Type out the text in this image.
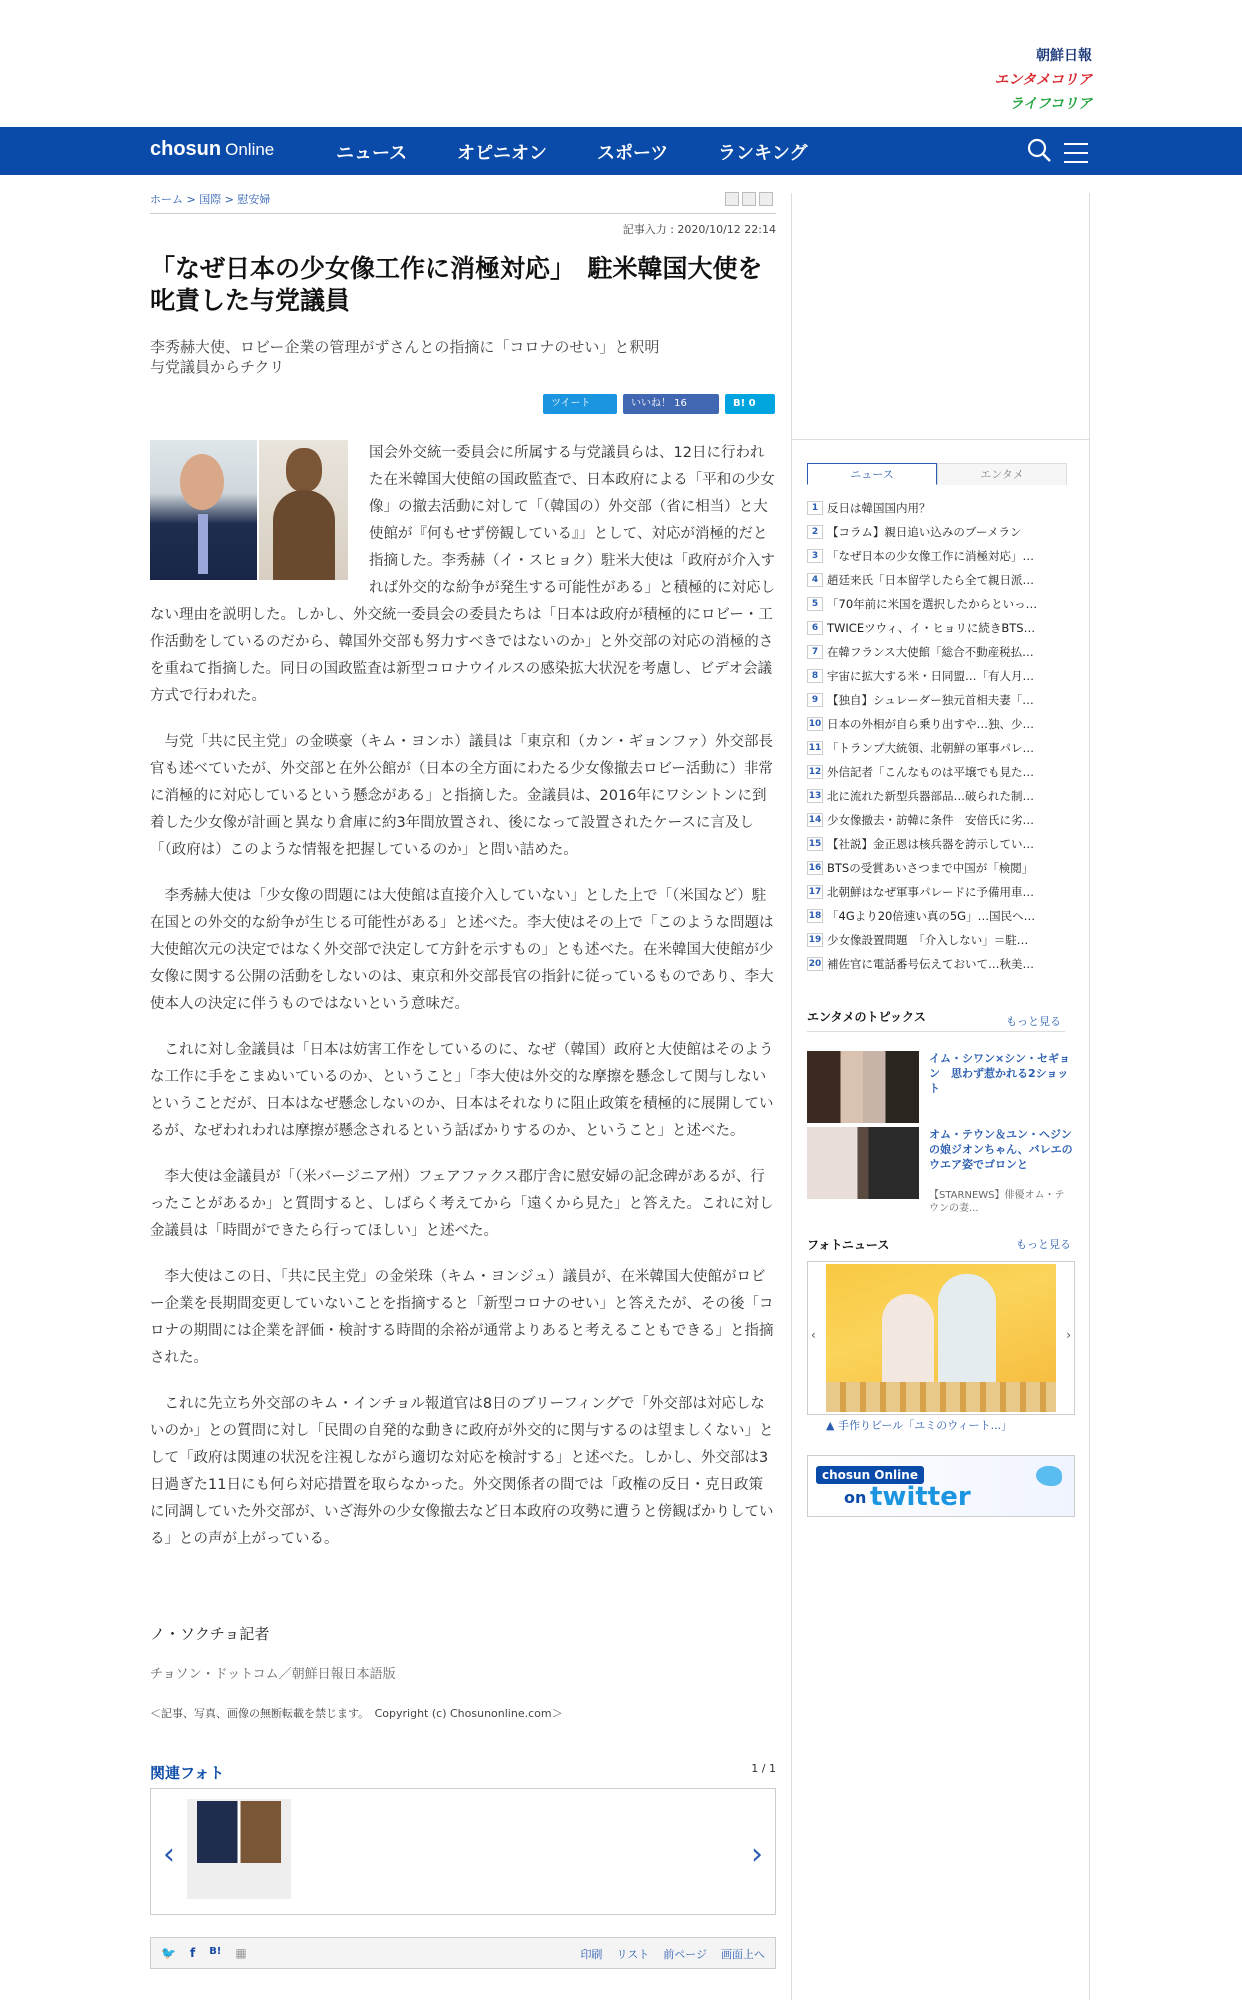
朝鮮日報
エンタメコリア
ライフコリア
chosun Online	ニュース	オピニオン	スポーツ	ランキング
ホーム > 国際 > 慰安婦
記事入力 : 2020/10/12 22:14
「なぜ日本の少女像工作に消極対応」　駐米韓国大使を叱責した与党議員
李秀赫大使、ロビー企業の管理がずさんとの指摘に「コロナのせい」と釈明
与党議員からチクリ
ツイート	いいね！ 16	B! 0

国会外交統一委員会に所属する与党議員らは、12日に行われた在米韓国大使館の国政監査で、日本政府による「平和の少女像」の撤去活動に対して「（韓国の）外交部（省に相当）と大使館が『何もせず傍観している』」として、対応が消極的だと指摘した。李秀赫（イ・スヒョク）駐米大使は「政府が介入すれば外交的な紛争が発生する可能性がある」と積極的に対応しない理由を説明した。しかし、外交統一委員会の委員たちは「日本は政府が積極的にロビー・工作活動をしているのだから、韓国外交部も努力すべきではないのか」と外交部の対応の消極的さを重ねて指摘した。同日の国政監査は新型コロナウイルスの感染拡大状況を考慮し、ビデオ会議方式で行われた。

与党「共に民主党」の金暎豪（キム・ヨンホ）議員は「東京和（カン・ギョンファ）外交部長官も述べていたが、外交部と在外公館が（日本の全方面にわたる少女像撤去ロビー活動に）非常に消極的に対応しているという懸念がある」と指摘した。金議員は、2016年にワシントンに到着した少女像が計画と異なり倉庫に約3年間放置され、後になって設置されたケースに言及し「（政府は）このような情報を把握しているのか」と問い詰めた。

李秀赫大使は「少女像の問題には大使館は直接介入していない」とした上で「（米国など）駐在国との外交的な紛争が生じる可能性がある」と述べた。李大使はその上で「このような問題は大使館次元の決定ではなく外交部で決定して方針を示すもの」とも述べた。在米韓国大使館が少女像に関する公開の活動をしないのは、東京和外交部長官の指針に従っているものであり、李大使本人の決定に伴うものではないという意味だ。

これに対し金議員は「日本は妨害工作をしているのに、なぜ（韓国）政府と大使館はそのような工作に手をこまぬいているのか、ということ」「李大使は外交的な摩擦を懸念して関与しないということだが、日本はなぜ懸念しないのか、日本はそれなりに阻止政策を積極的に展開しているが、なぜわれわれは摩擦が懸念されるという話ばかりするのか、ということ」と述べた。

李大使は金議員が「（米バージニア州）フェアファクス郡庁舎に慰安婦の記念碑があるが、行ったことがあるか」と質問すると、しばらく考えてから「遠くから見た」と答えた。これに対し金議員は「時間ができたら行ってほしい」と述べた。

李大使はこの日、「共に民主党」の金栄珠（キム・ヨンジュ）議員が、在米韓国大使館がロビー企業を長期間変更していないことを指摘すると「新型コロナのせい」と答えたが、その後「コロナの期間には企業を評価・検討する時間的余裕が通常よりあると考えることもできる」と指摘された。

これに先立ち外交部のキム・インチョル報道官は8日のブリーフィングで「外交部は対応しないのか」との質問に対し「民間の自発的な動きに政府が外交的に関与するのは望ましくない」として「政府は関連の状況を注視しながら適切な対応を検討する」と述べた。しかし、外交部は3日過ぎた11日にも何ら対応措置を取らなかった。外交関係者の間では「政権の反日・克日政策に同調していた外交部が、いざ海外の少女像撤去など日本政府の攻勢に遭うと傍観ばかりしている」との声が上がっている。

ノ・ソクチョ記者
チョソン・ドットコム／朝鮮日報日本語版
＜記事、写真、画像の無断転載を禁じます。　Copyright (c) Chosunonline.com＞
関連フォト	1 / 1
‹	›
🐦 f B! ▦	印刷 リスト 前ページ 画面上へ
ニュース	エンタメ
1 反日は韓国国内用？
2 【コラム】親日追い込みのブーメラン
3 「なぜ日本の少女像工作に消極対応」…
4 趙廷来氏「日本留学したら全て親日派…
5 「70年前に米国を選択したからといっ…
6 TWICEツウィ、イ・ヒョリに続きBTS…
7 在韓フランス大使館「総合不動産税払…
8 宇宙に拡大する米・日同盟…「有人月…
9 【独自】シュレーダー独元首相夫妻「…
10 日本の外相が自ら乗り出すや…独、少…
11 「トランプ大統領、北朝鮮の軍事パレ…
12 外信記者「こんなものは平壌でも見た…
13 北に流れた新型兵器部品…破られた制…
14 少女像撤去・訪韓に条件　安倍氏に劣…
15 【社説】金正恩は核兵器を誇示してい…
16 BTSの受賞あいさつまで中国が「検閲」
17 北朝鮮はなぜ軍事パレードに予備用車…
18 「4Gより20倍速い真の5G」…国民へ…
19 少女像設置問題　「介入しない」＝駐…
20 補佐官に電話番号伝えておいて…秋美…
エンタメのトピックス	もっと見る
イム・シワン×シン・セギョン　思わず惹かれる2ショット
オム・テウン＆ユン・ヘジンの娘ジオンちゃん、バレエのウエア姿でゴロンと
【STARNEWS】俳優オム・テウンの妻...
フォトニュース	もっと見る
‹	›
▲ 手作りビール「ユミのウィート...」
chosun Online
on twitter
